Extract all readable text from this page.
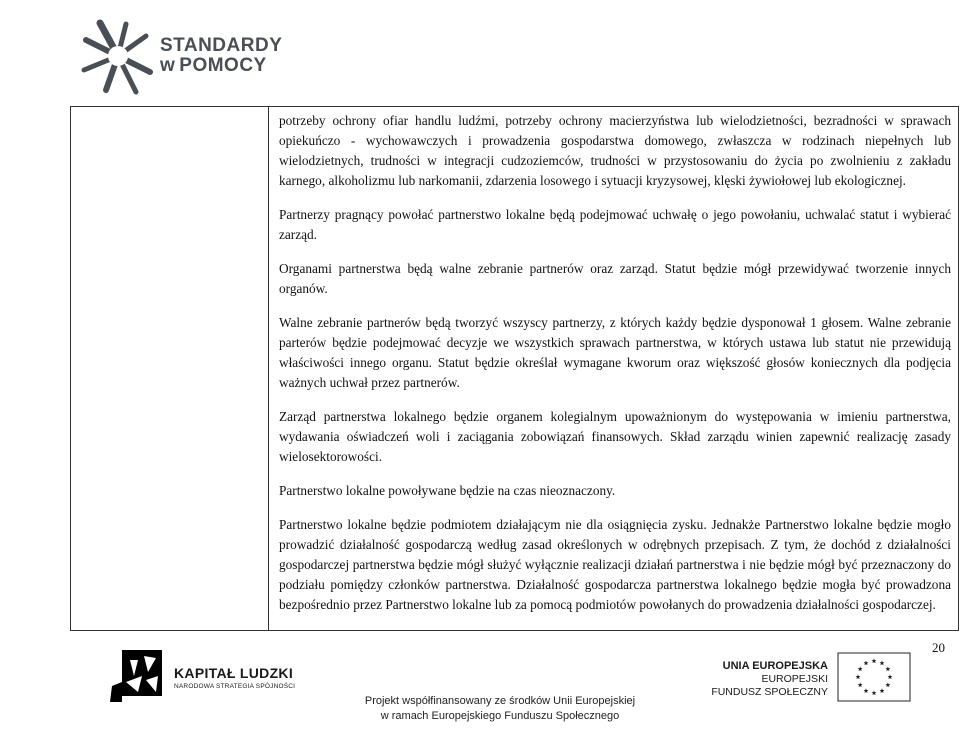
STANDARDY
w POMOCY

potrzeby ochrony ofiar handlu ludźmi, potrzeby ochrony macierzyństwa lub wielodzietności, bezradności w sprawach opiekuńczo - wychowawczych i prowadzenia gospodarstwa domowego, zwłaszcza w rodzinach niepełnych lub wielodzietnych, trudności w integracji cudzoziemców, trudności w przystosowaniu do życia po zwolnieniu z zakładu karnego, alkoholizmu lub narkomanii, zdarzenia losowego i sytuacji kryzysowej, klęski żywiołowej lub ekologicznej.

Partnerzy pragnący powołać partnerstwo lokalne będą podejmować uchwałę o jego powołaniu, uchwalać statut i wybierać zarząd.

Organami partnerstwa będą walne zebranie partnerów oraz zarząd. Statut będzie mógł przewidywać tworzenie innych organów.

Walne zebranie partnerów będą tworzyć wszyscy partnerzy, z których każdy będzie dysponował 1 głosem. Walne zebranie parterów będzie podejmować decyzje we wszystkich sprawach partnerstwa, w których ustawa lub statut nie przewidują właściwości innego organu. Statut będzie określał wymagane kworum oraz większość głosów koniecznych dla podjęcia ważnych uchwał przez partnerów.

Zarząd partnerstwa lokalnego będzie organem kolegialnym upoważnionym do występowania w imieniu partnerstwa, wydawania oświadczeń woli i zaciągania zobowiązań finansowych. Skład zarządu winien zapewnić realizację zasady wielosektorowości.

Partnerstwo lokalne powoływane będzie na czas nieoznaczony.

Partnerstwo lokalne będzie podmiotem działającym nie dla osiągnięcia zysku. Jednakże Partnerstwo lokalne będzie mogło prowadzić działalność gospodarczą według zasad określonych w odrębnych przepisach. Z tym, że dochód z działalności gospodarczej partnerstwa będzie mógł służyć wyłącznie realizacji działań partnerstwa i nie będzie mógł być przeznaczony do podziału pomiędzy członków partnerstwa. Działalność gospodarcza partnerstwa lokalnego będzie mogła być prowadzona bezpośrednio przez Partnerstwo lokalne lub za pomocą podmiotów powołanych do prowadzenia działalności gospodarczej.

20
KAPITAŁ LUDZKI
NARODOWA STRATEGIA SPÓJNOŚCI
Projekt współfinansowany ze środków Unii Europejskiej
w ramach Europejskiego Funduszu Społecznego
UNIA EUROPEJSKA
EUROPEJSKI
FUNDUSZ SPOŁECZNY
